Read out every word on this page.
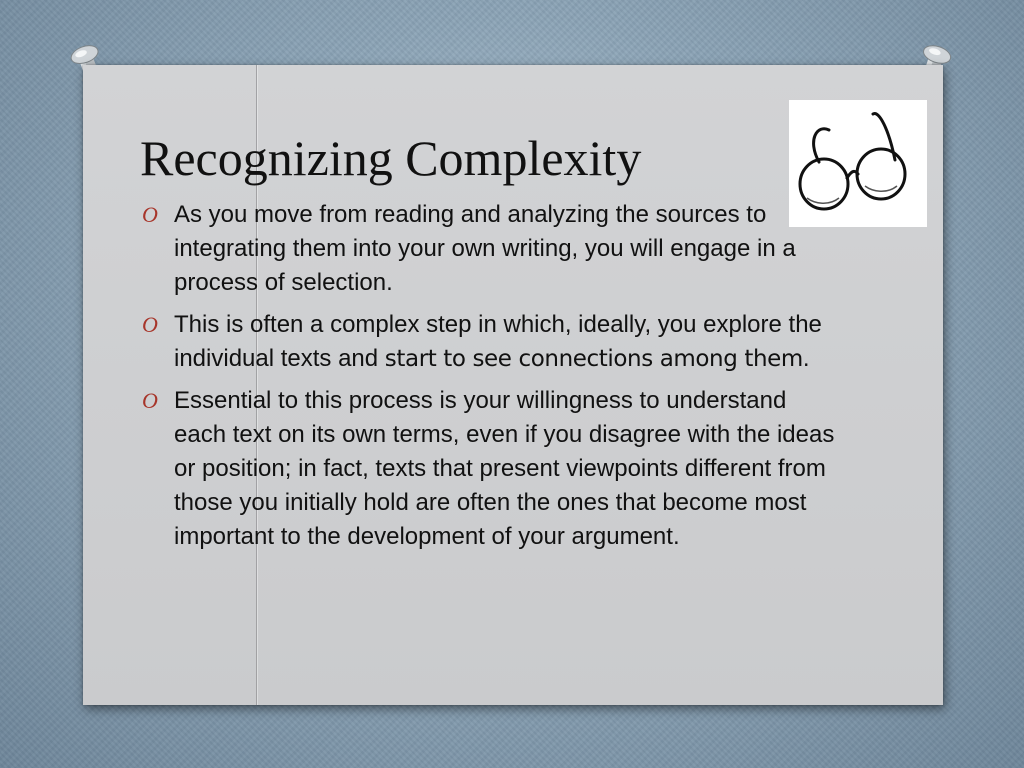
Recognizing Complexity
O As you move from reading and analyzing the sources to integrating them into your own writing, you will engage in a process of selection.
O This is often a complex step in which, ideally, you explore the individual texts and start to see connections among them.
O Essential to this process is your willingness to understand each text on its own terms, even if you disagree with the ideas or position; in fact, texts that present viewpoints different from those you initially hold are often the ones that become most important to the development of your argument.
